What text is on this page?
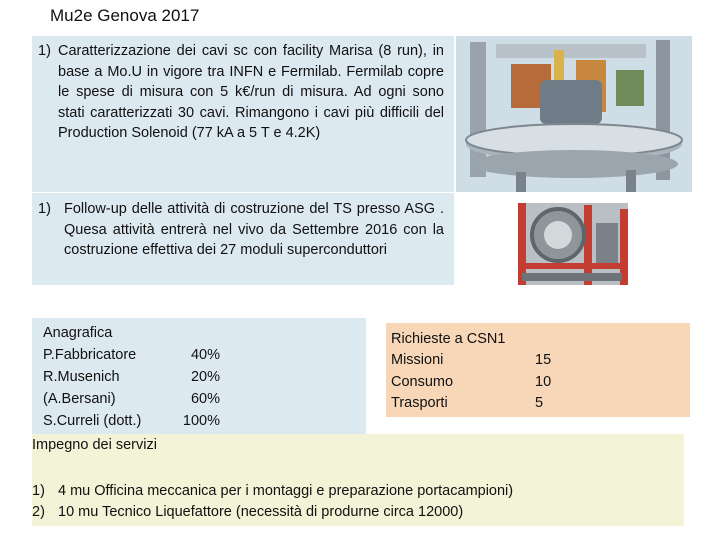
Mu2e Genova 2017
1) Caratterizzazione dei cavi sc con facility Marisa (8 run), in base a Mo.U in vigore tra INFN e Fermilab. Fermilab copre le spese di misura con 5 k€/run di misura. Ad ogni sono stati caratterizzati 30 cavi. Rimangono i cavi più difficili del Production Solenoid (77 kA a 5 T e 4.2K)
1) Follow-up delle attività di costruzione del TS presso ASG . Quesa attività entrerà nel vivo da Settembre 2016 con la costruzione effettiva dei 27 moduli superconduttori
Anagrafica
P.Fabbricatore	40%
R.Musenich	20%
(A.Bersani)	60%
S.Curreli (dott.)	100%
Richieste a CSN1
Missioni	15
Consumo	10
Trasporti	5
Impegno dei servizi
1) 4 mu Officina meccanica per i montaggi e preparazione portacampioni)
2) 10 mu Tecnico Liquefattore (necessità di produrne circa 12000)
